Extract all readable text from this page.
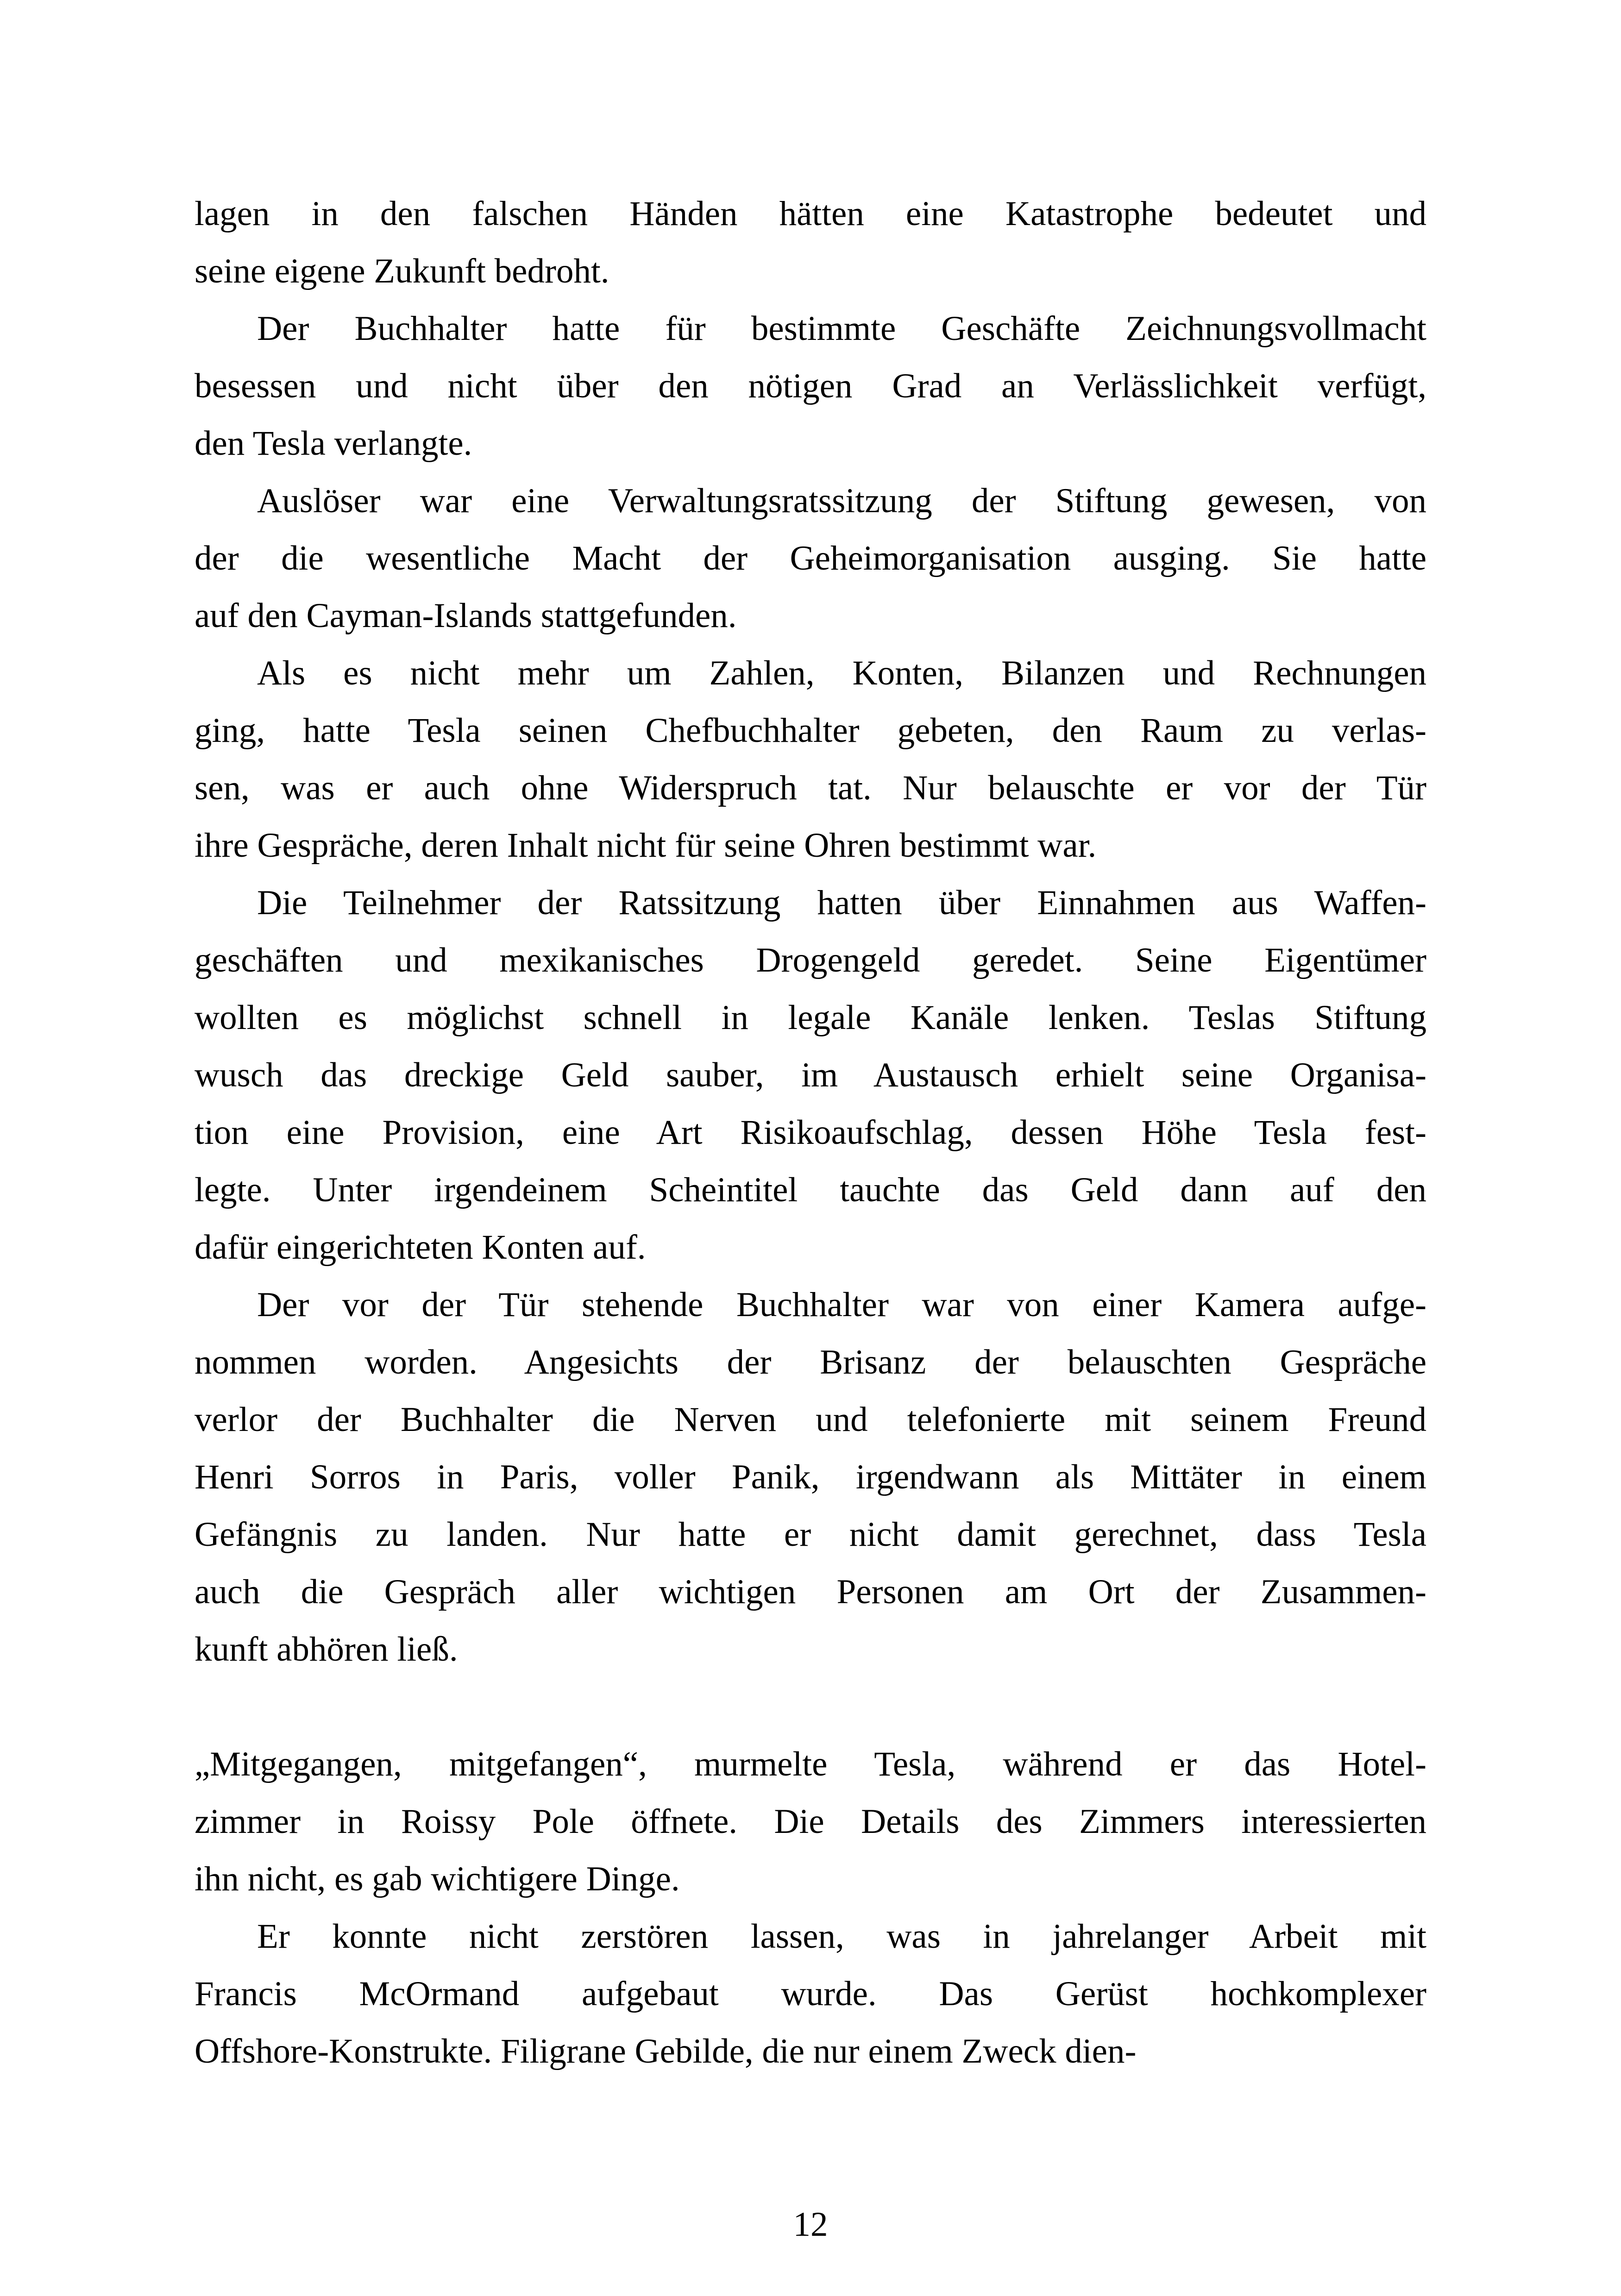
lagen in den falschen Händen hätten eine Katastrophe bedeutet und
seine eigene Zukunft bedroht.
Der Buchhalter hatte für bestimmte Geschäfte Zeichnungsvollmacht
besessen und nicht über den nötigen Grad an Verlässlichkeit verfügt,
den Tesla verlangte.
Auslöser war eine Verwaltungsratssitzung der Stiftung gewesen, von
der die wesentliche Macht der Geheimorganisation ausging. Sie hatte
auf den Cayman-Islands stattgefunden.
Als es nicht mehr um Zahlen, Konten, Bilanzen und Rechnungen
ging, hatte Tesla seinen Chefbuchhalter gebeten, den Raum zu verlas-
sen, was er auch ohne Widerspruch tat. Nur belauschte er vor der Tür
ihre Gespräche, deren Inhalt nicht für seine Ohren bestimmt war.
Die Teilnehmer der Ratssitzung hatten über Einnahmen aus Waffen-
geschäften und mexikanisches Drogengeld geredet. Seine Eigentümer
wollten es möglichst schnell in legale Kanäle lenken. Teslas Stiftung
wusch das dreckige Geld sauber, im Austausch erhielt seine Organisa-
tion eine Provision, eine Art Risikoaufschlag, dessen Höhe Tesla fest-
legte. Unter irgendeinem Scheintitel tauchte das Geld dann auf den
dafür eingerichteten Konten auf.
Der vor der Tür stehende Buchhalter war von einer Kamera aufge-
nommen worden. Angesichts der Brisanz der belauschten Gespräche
verlor der Buchhalter die Nerven und telefonierte mit seinem Freund
Henri Sorros in Paris, voller Panik, irgendwann als Mittäter in einem
Gefängnis zu landen. Nur hatte er nicht damit gerechnet, dass Tesla
auch die Gespräch aller wichtigen Personen am Ort der Zusammen-
kunft abhören ließ.
„Mitgegangen, mitgefangen“, murmelte Tesla, während er das Hotel-
zimmer in Roissy Pole öffnete. Die Details des Zimmers interessierten
ihn nicht, es gab wichtigere Dinge.
Er konnte nicht zerstören lassen, was in jahrelanger Arbeit mit
Francis McOrmand aufgebaut wurde. Das Gerüst hochkomplexer
Offshore-Konstrukte. Filigrane Gebilde, die nur einem Zweck dien-
12
